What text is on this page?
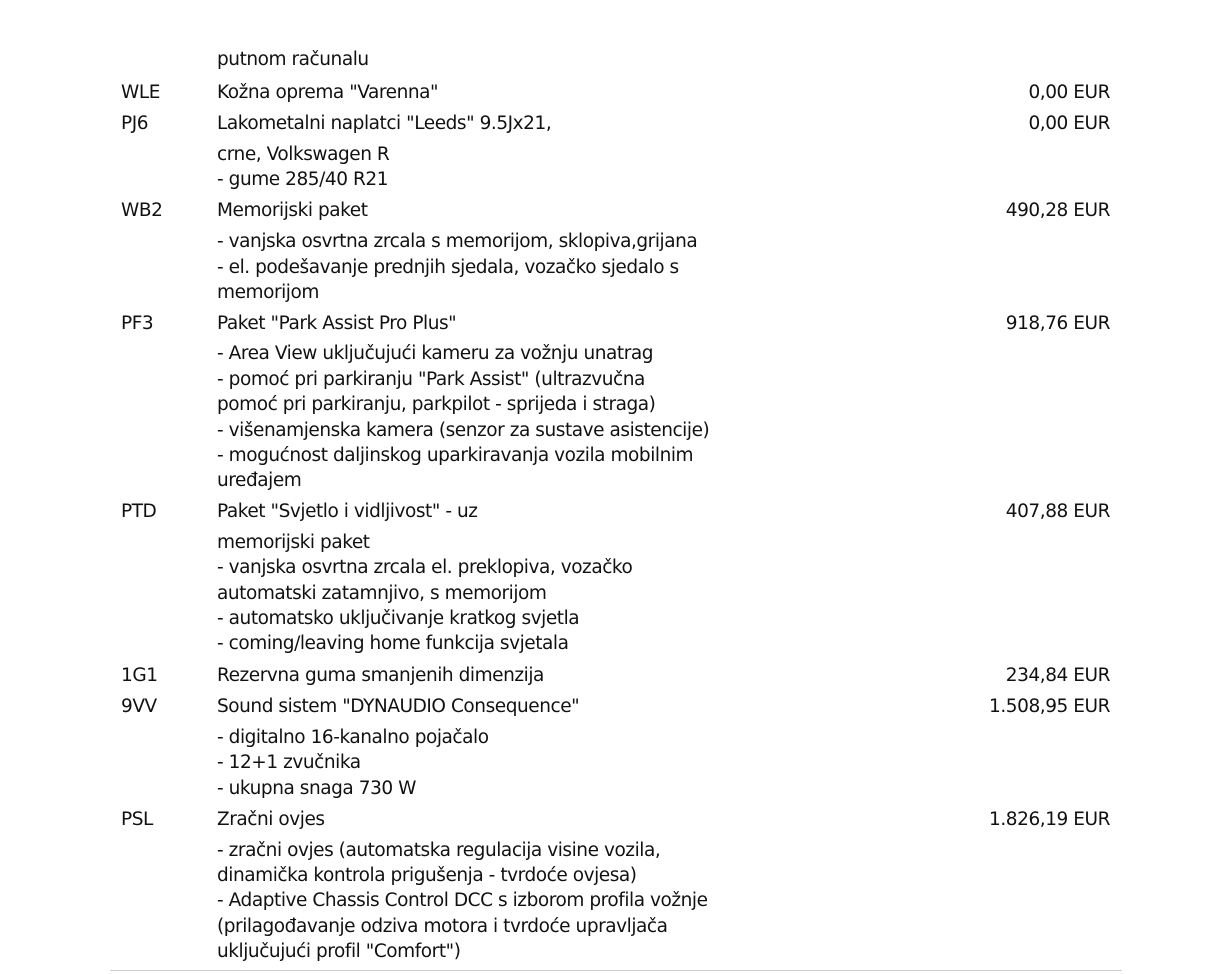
putnom računalu
WLE	Kožna oprema "Varenna"	0,00 EUR
PJ6	Lakometalni naplatci "Leeds" 9.5Jx21,	0,00 EUR
crne, Volkswagen R
- gume 285/40 R21
WB2	Memorijski paket	490,28 EUR
- vanjska osvrtna zrcala s memorijom, sklopiva,grijana
- el. podešavanje prednjih sjedala, vozačko sjedalo s
memorijom
PF3	Paket "Park Assist Pro Plus"	918,76 EUR
- Area View uključujući kameru za vožnju unatrag
- pomoć pri parkiranju "Park Assist" (ultrazvučna
pomoć pri parkiranju, parkpilot - sprijeda i straga)
- višenamjenska kamera (senzor za sustave asistencije)
- mogućnost daljinskog uparkiravanja vozila mobilnim
uređajem
PTD	Paket "Svjetlo i vidljivost" - uz	407,88 EUR
memorijski paket
- vanjska osvrtna zrcala el. preklopiva, vozačko
automatski zatamnjivo, s memorijom
- automatsko uključivanje kratkog svjetla
- coming/leaving home funkcija svjetala
1G1	Rezervna guma smanjenih dimenzija	234,84 EUR
9VV	Sound sistem "DYNAUDIO Consequence"	1.508,95 EUR
- digitalno 16-kanalno pojačalo
- 12+1 zvučnika
- ukupna snaga 730 W
PSL	Zračni ovjes	1.826,19 EUR
- zračni ovjes (automatska regulacija visine vozila,
dinamička kontrola prigušenja - tvrdoće ovjesa)
- Adaptive Chassis Control DCC s izborom profila vožnje
(prilagođavanje odziva motora i tvrdoće upravljača
uključujući profil "Comfort")
